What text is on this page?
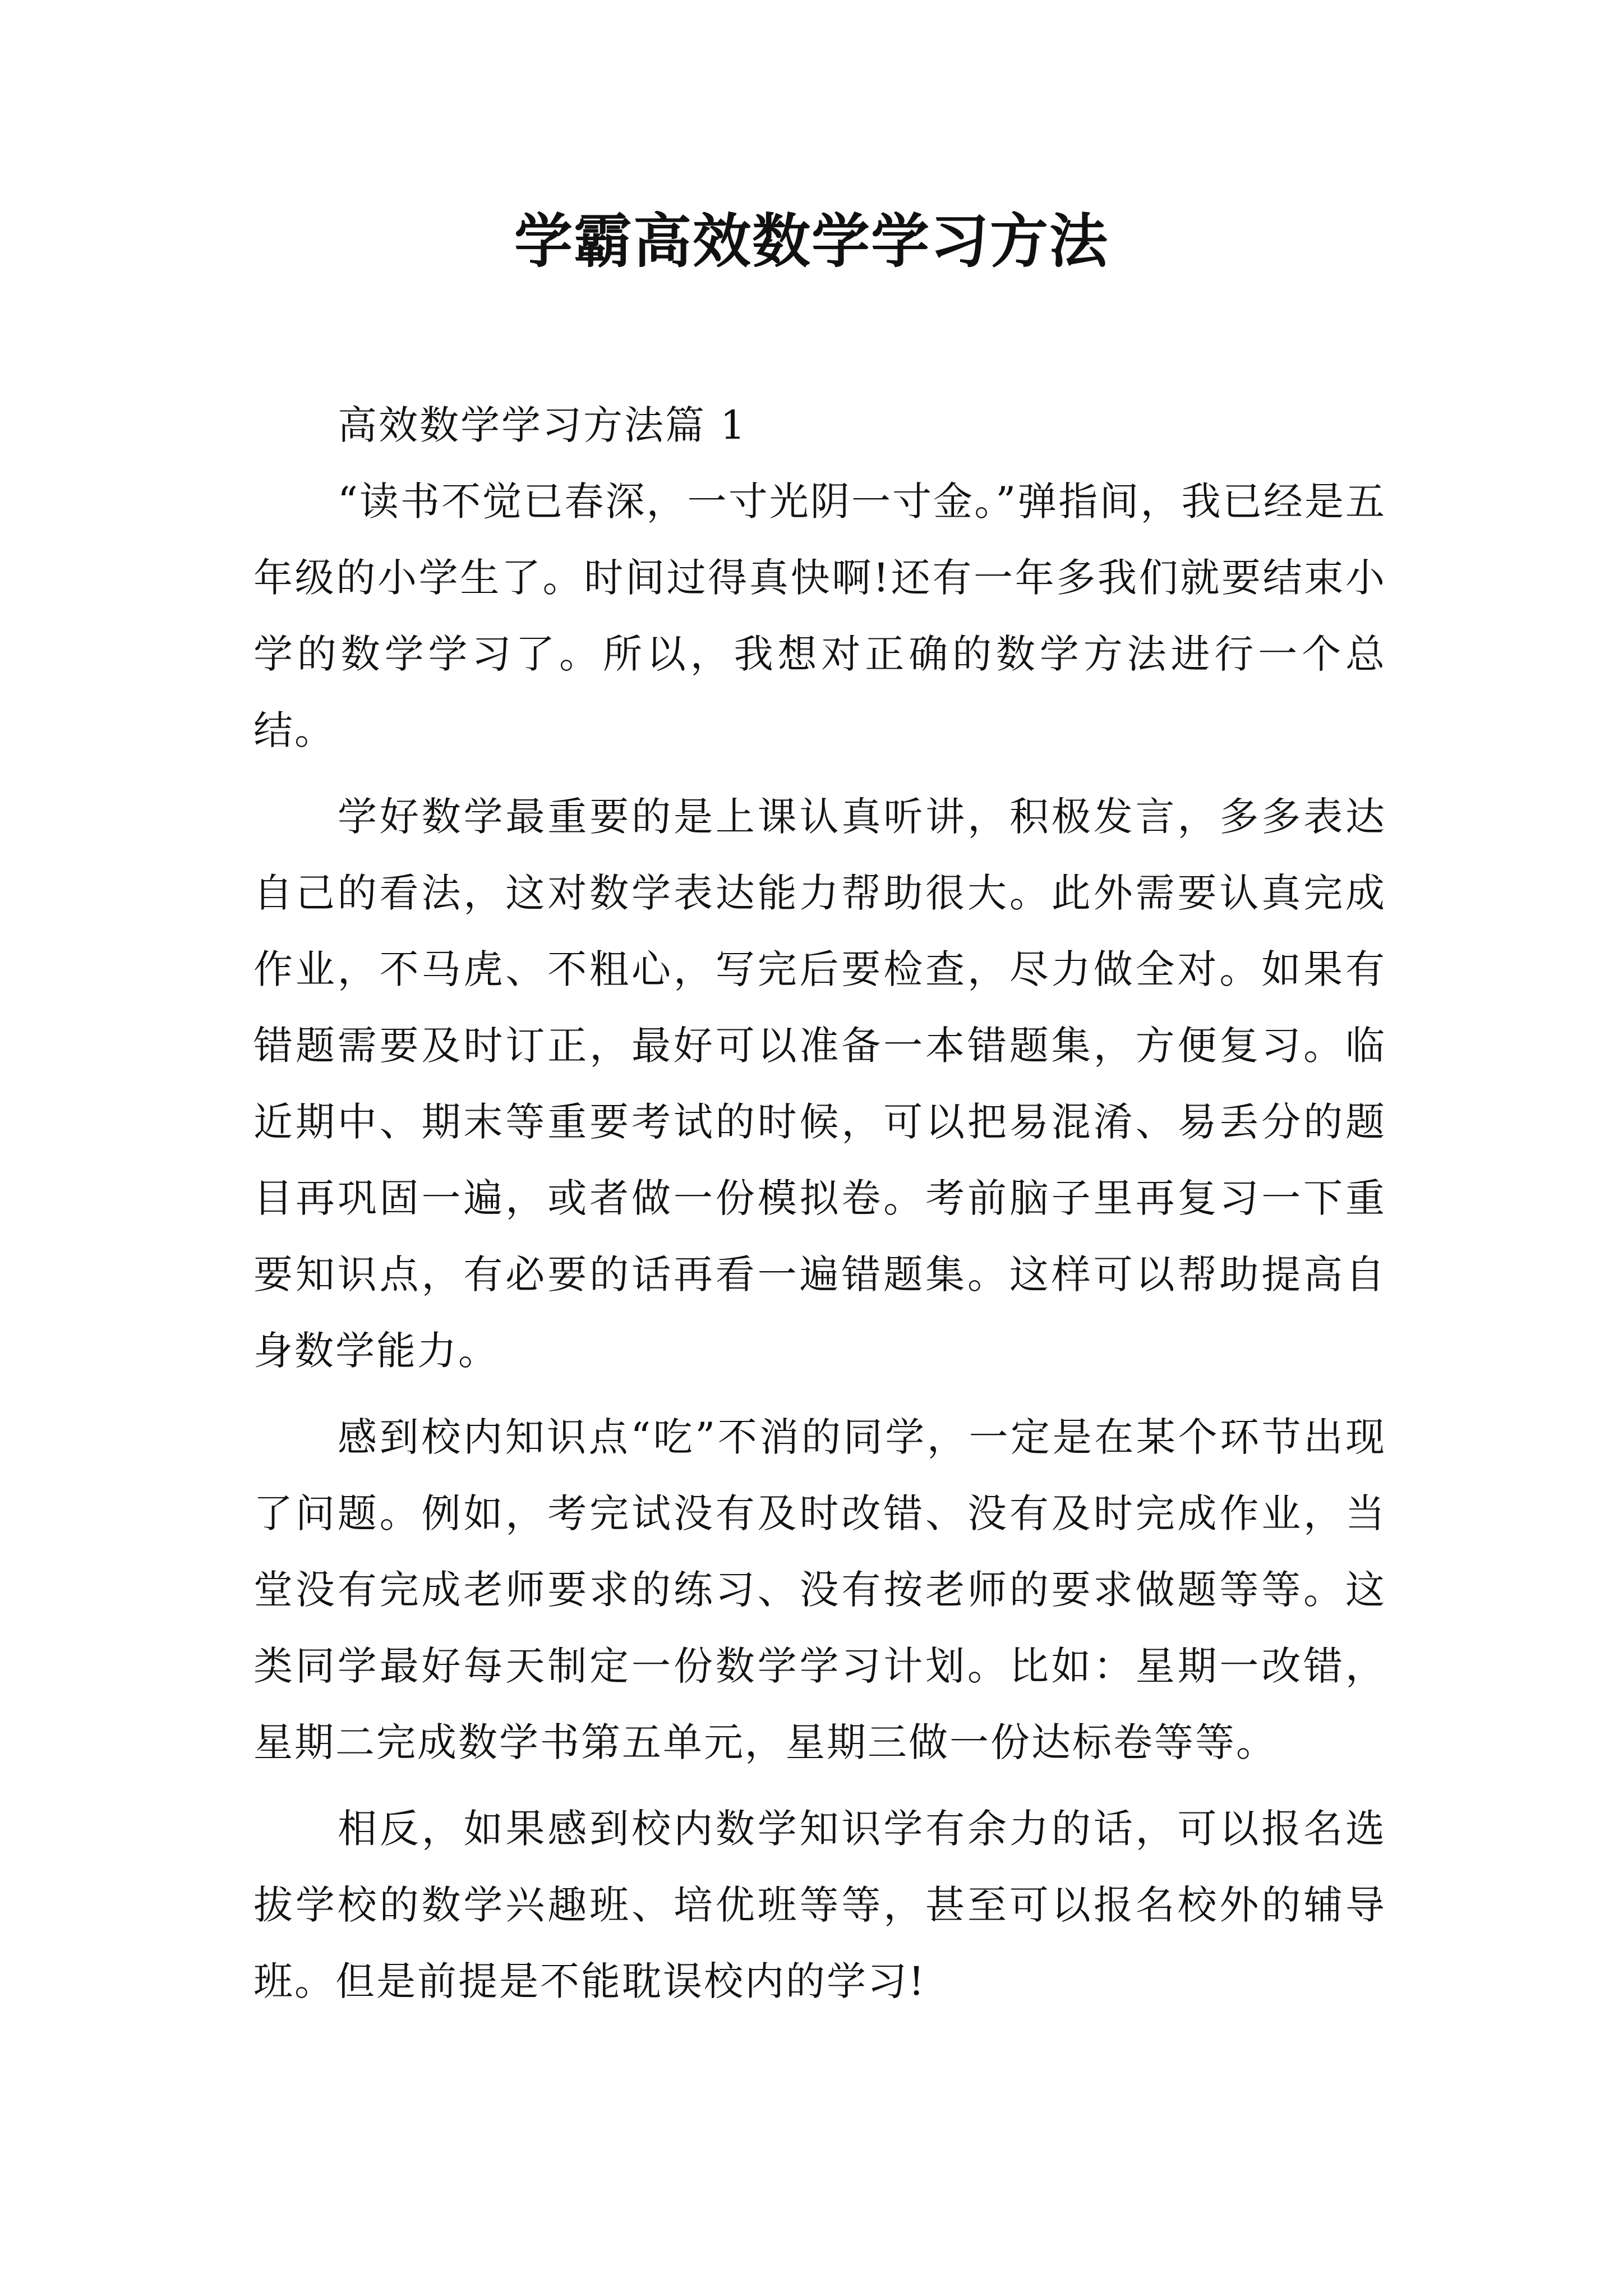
学霸高效数学学习方法

高效数学学习方法篇 1

“读书不觉已春深，一寸光阴一寸金。”弹指间，我已经是五年级的小学生了。时间过得真快啊!还有一年多我们就要结束小学的数学学习了。所以，我想对正确的数学方法进行一个总结。

学好数学最重要的是上课认真听讲，积极发言，多多表达自己的看法，这对数学表达能力帮助很大。此外需要认真完成作业，不马虎、不粗心，写完后要检查，尽力做全对。如果有错题需要及时订正，最好可以准备一本错题集，方便复习。临近期中、期末等重要考试的时候，可以把易混淆、易丢分的题目再巩固一遍，或者做一份模拟卷。考前脑子里再复习一下重要知识点，有必要的话再看一遍错题集。这样可以帮助提高自身数学能力。

感到校内知识点“吃”不消的同学，一定是在某个环节出现了问题。例如，考完试没有及时改错、没有及时完成作业，当堂没有完成老师要求的练习、没有按老师的要求做题等等。这类同学最好每天制定一份数学学习计划。比如：星期一改错，星期二完成数学书第五单元，星期三做一份达标卷等等。

相反，如果感到校内数学知识学有余力的话，可以报名选拔学校的数学兴趣班、培优班等等，甚至可以报名校外的辅导班。但是前提是不能耽误校内的学习!
